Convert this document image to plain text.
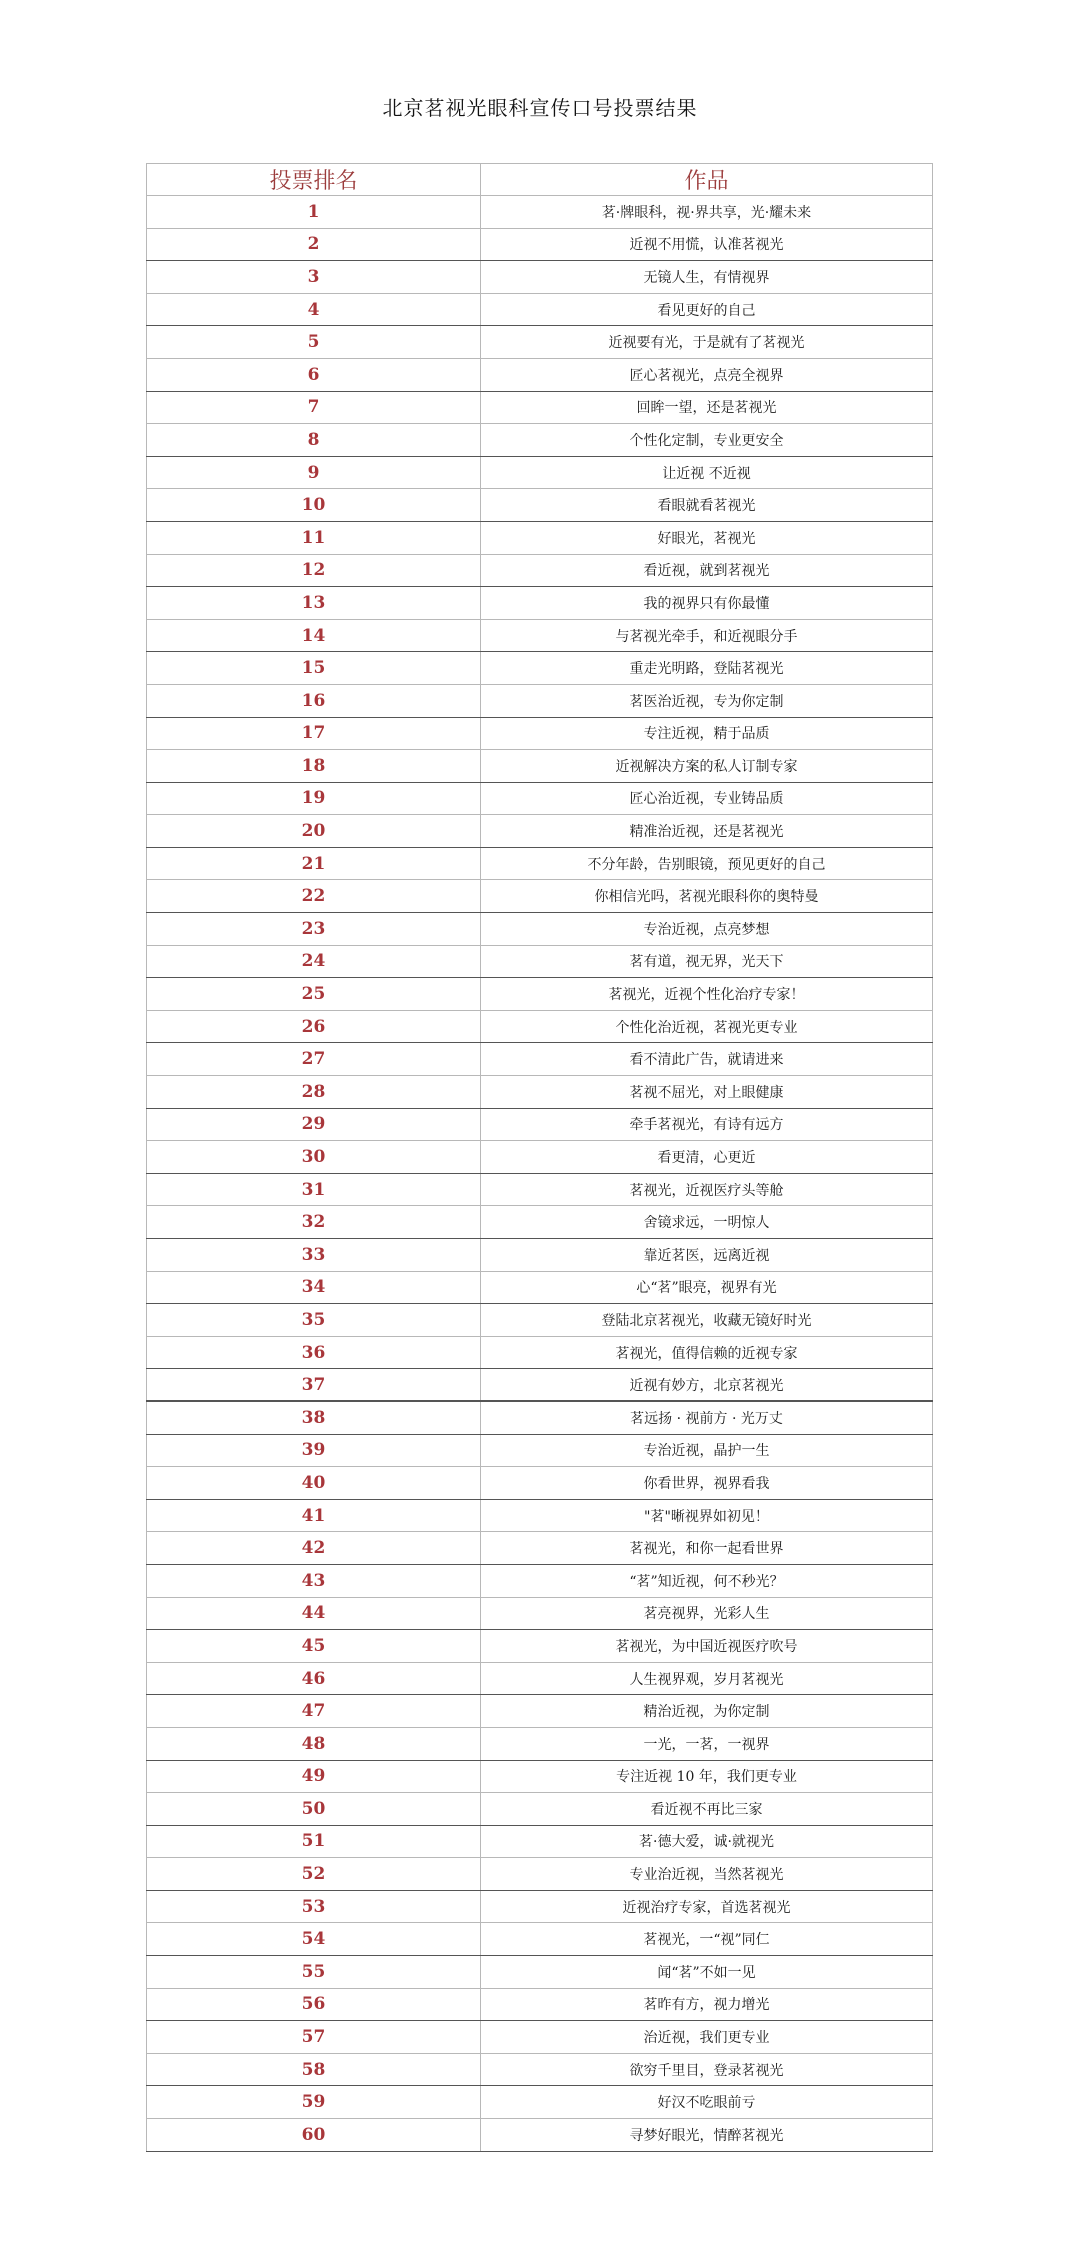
北京茗视光眼科宣传口号投票结果
投票排名	作品
1	茗·牌眼科，视·界共享，光·耀未来
2	近视不用慌，认准茗视光
3	无镜人生，有情视界
4	看见更好的自己
5	近视要有光，于是就有了茗视光
6	匠心茗视光，点亮全视界
7	回眸一望，还是茗视光
8	个性化定制，专业更安全
9	让近视 不近视
10	看眼就看茗视光
11	好眼光，茗视光
12	看近视，就到茗视光
13	我的视界只有你最懂
14	与茗视光牵手，和近视眼分手
15	重走光明路，登陆茗视光
16	茗医治近视，专为你定制
17	专注近视，精于品质
18	近视解决方案的私人订制专家
19	匠心治近视，专业铸品质
20	精准治近视，还是茗视光
21	不分年龄，告别眼镜，预见更好的自己
22	你相信光吗，茗视光眼科你的奥特曼
23	专治近视，点亮梦想
24	茗有道，视无界，光天下
25	茗视光，近视个性化治疗专家！
26	个性化治近视，茗视光更专业
27	看不清此广告，就请进来
28	茗视不屈光，对上眼健康
29	牵手茗视光，有诗有远方
30	看更清，心更近
31	茗视光，近视医疗头等舱
32	舍镜求远，一明惊人
33	靠近茗医，远离近视
34	心“茗”眼亮，视界有光
35	登陆北京茗视光，收藏无镜好时光
36	茗视光，值得信赖的近视专家
37	近视有妙方，北京茗视光
38	茗远扬 · 视前方 · 光万丈
39	专治近视，晶护一生
40	你看世界，视界看我
41	"茗"晰视界如初见！
42	茗视光，和你一起看世界
43	“茗”知近视，何不秒光？
44	茗亮视界，光彩人生
45	茗视光，为中国近视医疗吹号
46	人生视界观，岁月茗视光
47	精治近视，为你定制
48	一光，一茗，一视界
49	专注近视 10 年，我们更专业
50	看近视不再比三家
51	茗·德大爱，诚·就视光
52	专业治近视，当然茗视光
53	近视治疗专家，首选茗视光
54	茗视光，一“视”同仁
55	闻“茗”不如一见
56	茗昨有方，视力增光
57	治近视，我们更专业
58	欲穷千里目，登录茗视光
59	好汉不吃眼前亏
60	寻梦好眼光，情醉茗视光
